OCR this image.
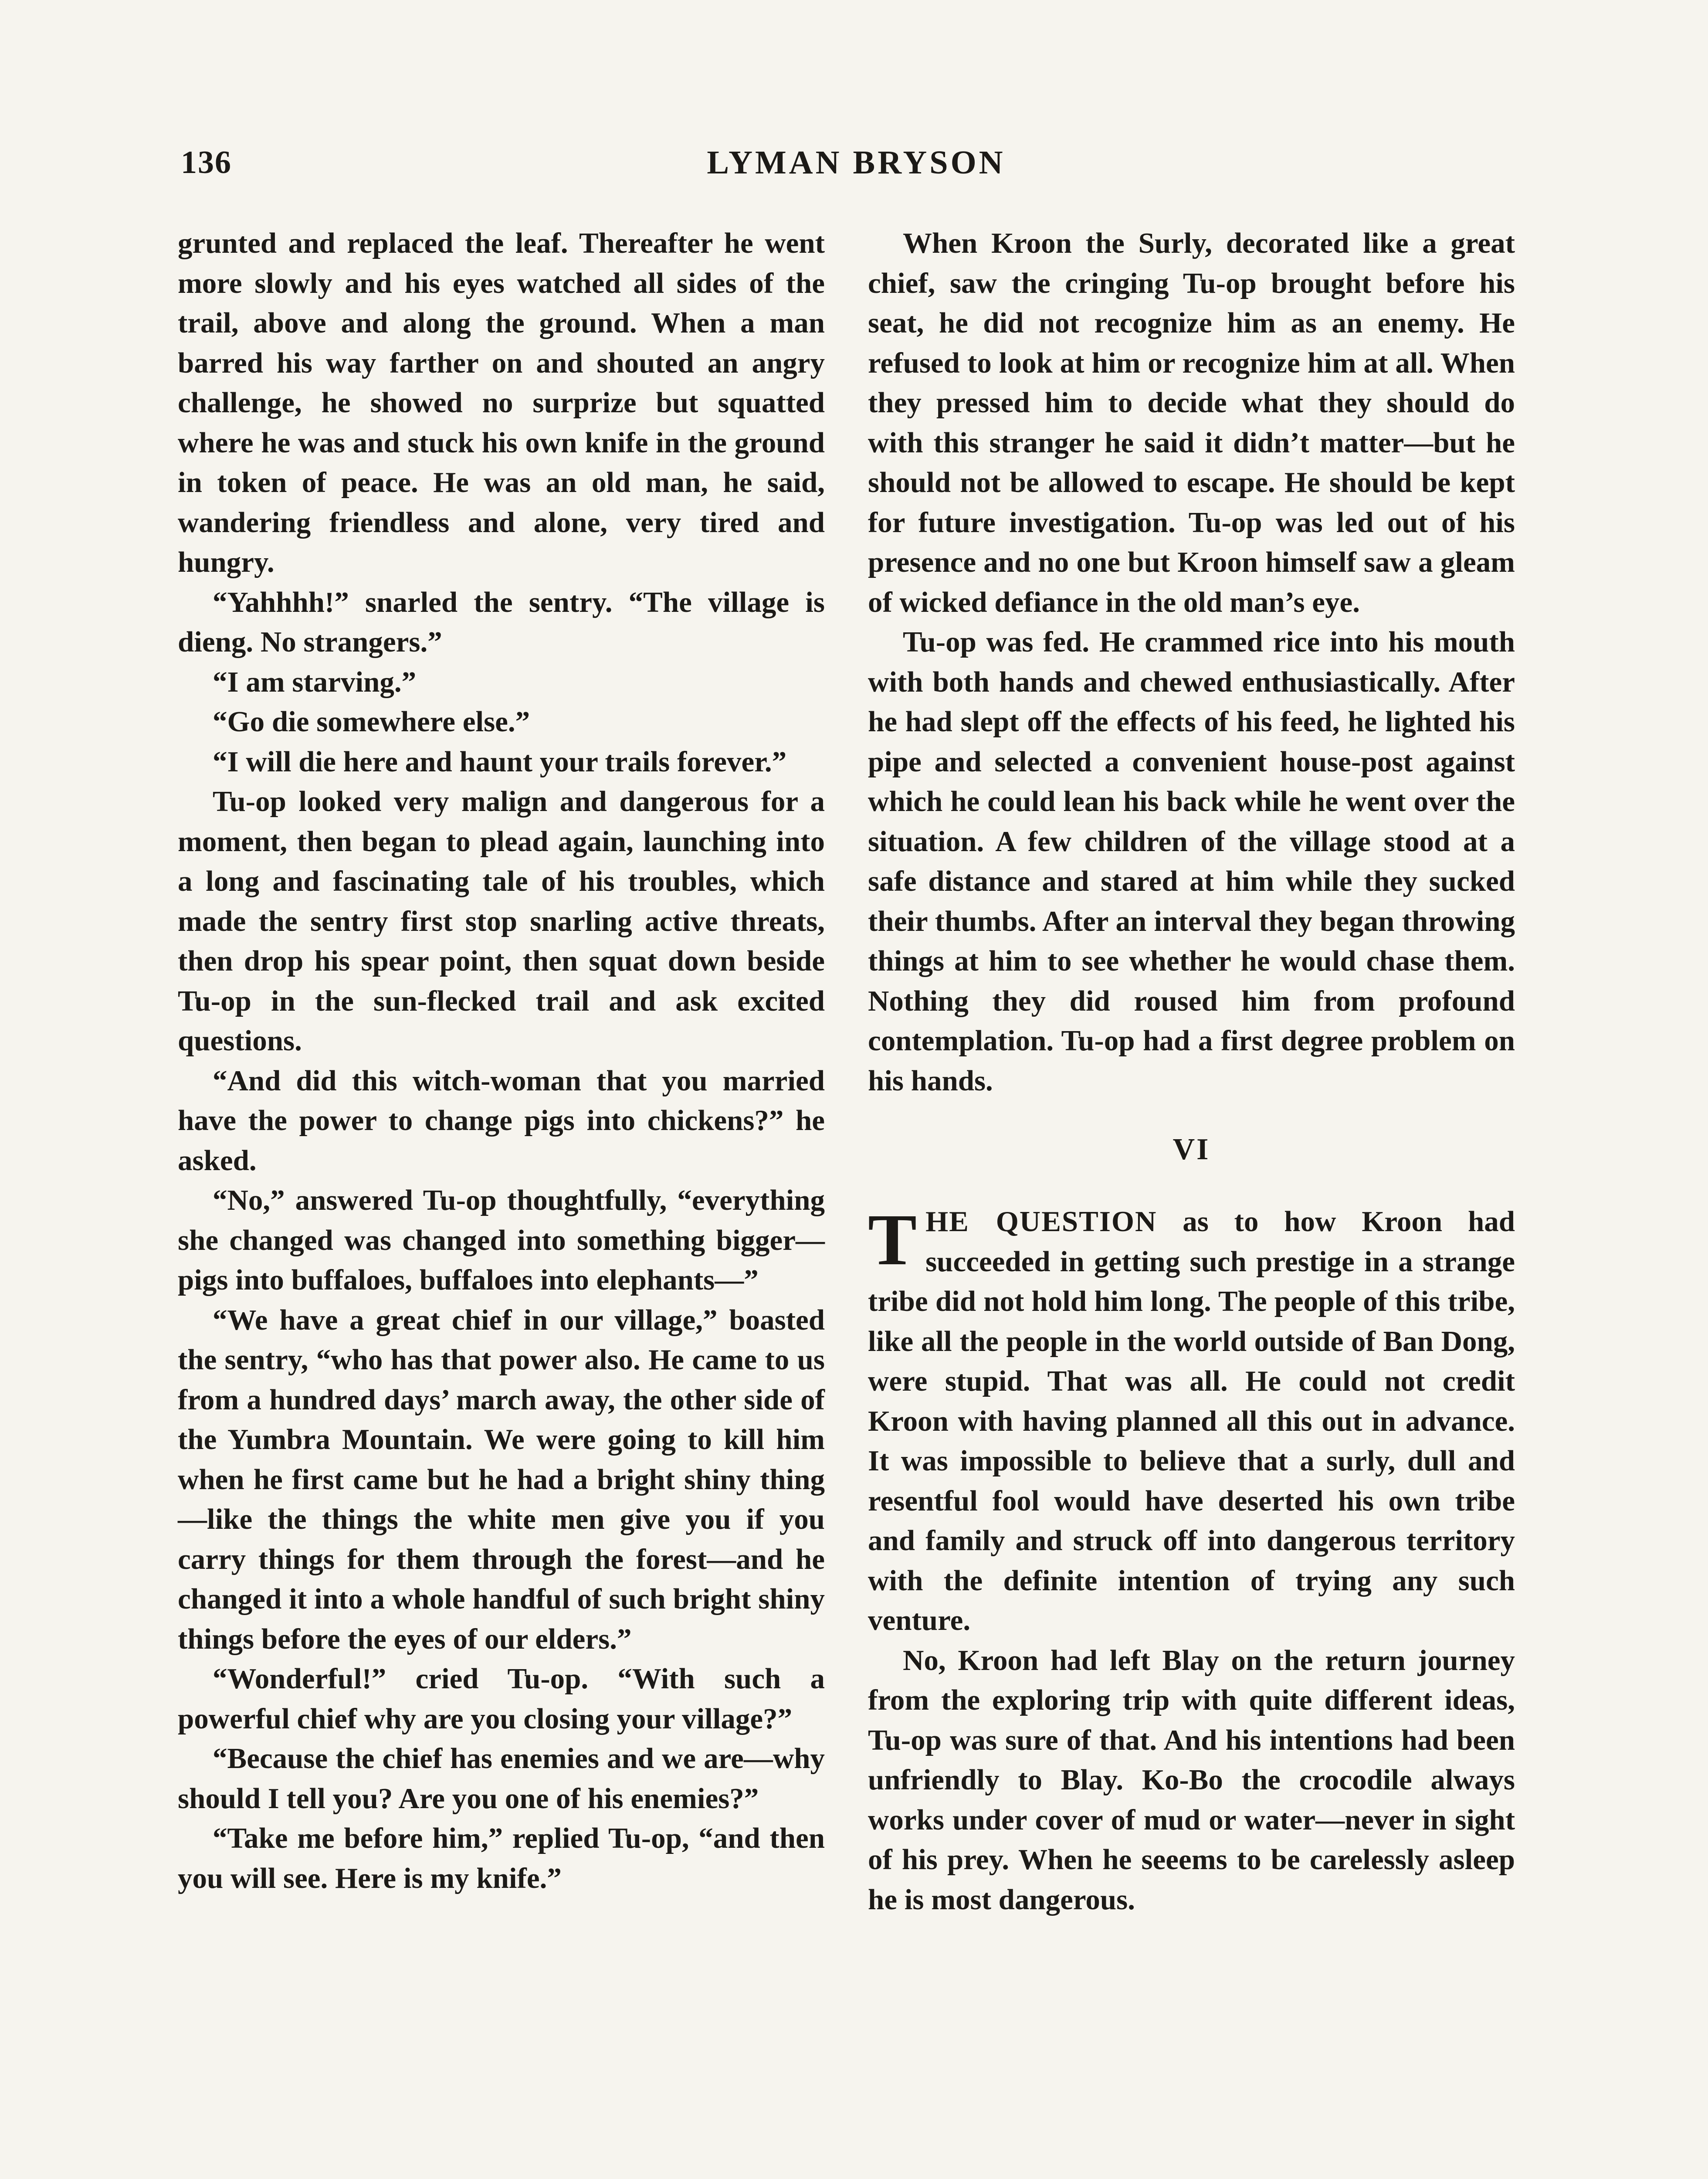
136	LYMAN BRYSON

grunted and replaced the leaf. Thereafter he went more slowly and his eyes watched all sides of the trail, above and along the ground. When a man barred his way farther on and shouted an angry challenge, he showed no surprize but squatted where he was and stuck his own knife in the ground in token of peace. He was an old man, he said, wandering friendless and alone, very tired and hungry.

“Yahhhh!” snarled the sentry. “The village is dieng. No strangers.”

“I am starving.”

“Go die somewhere else.”

“I will die here and haunt your trails forever.”

Tu-op looked very malign and dangerous for a moment, then began to plead again, launching into a long and fascinating tale of his troubles, which made the sentry first stop snarling active threats, then drop his spear point, then squat down beside Tu-op in the sun-flecked trail and ask excited questions.

“And did this witch-woman that you married have the power to change pigs into chickens?” he asked.

“No,” answered Tu-op thoughtfully, “everything she changed was changed into something bigger—pigs into buffaloes, buffaloes into elephants—”

“We have a great chief in our village,” boasted the sentry, “who has that power also. He came to us from a hundred days’ march away, the other side of the Yumbra Mountain. We were going to kill him when he first came but he had a bright shiny thing—like the things the white men give you if you carry things for them through the forest—and he changed it into a whole handful of such bright shiny things before the eyes of our elders.”

“Wonderful!” cried Tu-op. “With such a powerful chief why are you closing your village?”

“Because the chief has enemies and we are—why should I tell you? Are you one of his enemies?”

“Take me before him,” replied Tu-op, “and then you will see. Here is my knife.”

When Kroon the Surly, decorated like a great chief, saw the cringing Tu-op brought before his seat, he did not recognize him as an enemy. He refused to look at him or recognize him at all. When they pressed him to decide what they should do with this stranger he said it didn’t matter—but he should not be allowed to escape. He should be kept for future investigation. Tu-op was led out of his presence and no one but Kroon himself saw a gleam of wicked defiance in the old man’s eye.

Tu-op was fed. He crammed rice into his mouth with both hands and chewed enthusiastically. After he had slept off the effects of his feed, he lighted his pipe and selected a convenient house-post against which he could lean his back while he went over the situation. A few children of the village stood at a safe distance and stared at him while they sucked their thumbs. After an interval they began throwing things at him to see whether he would chase them. Nothing they did roused him from profound contemplation. Tu-op had a first degree problem on his hands.

VI

THE QUESTION as to how Kroon had succeeded in getting such prestige in a strange tribe did not hold him long. The people of this tribe, like all the people in the world outside of Ban Dong, were stupid. That was all. He could not credit Kroon with having planned all this out in advance. It was impossible to believe that a surly, dull and resentful fool would have deserted his own tribe and family and struck off into dangerous territory with the definite intention of trying any such venture.

No, Kroon had left Blay on the return journey from the exploring trip with quite different ideas, Tu-op was sure of that. And his intentions had been unfriendly to Blay. Ko-Bo the crocodile always works under cover of mud or water—never in sight of his prey. When he seeems to be carelessly asleep he is most dangerous.
